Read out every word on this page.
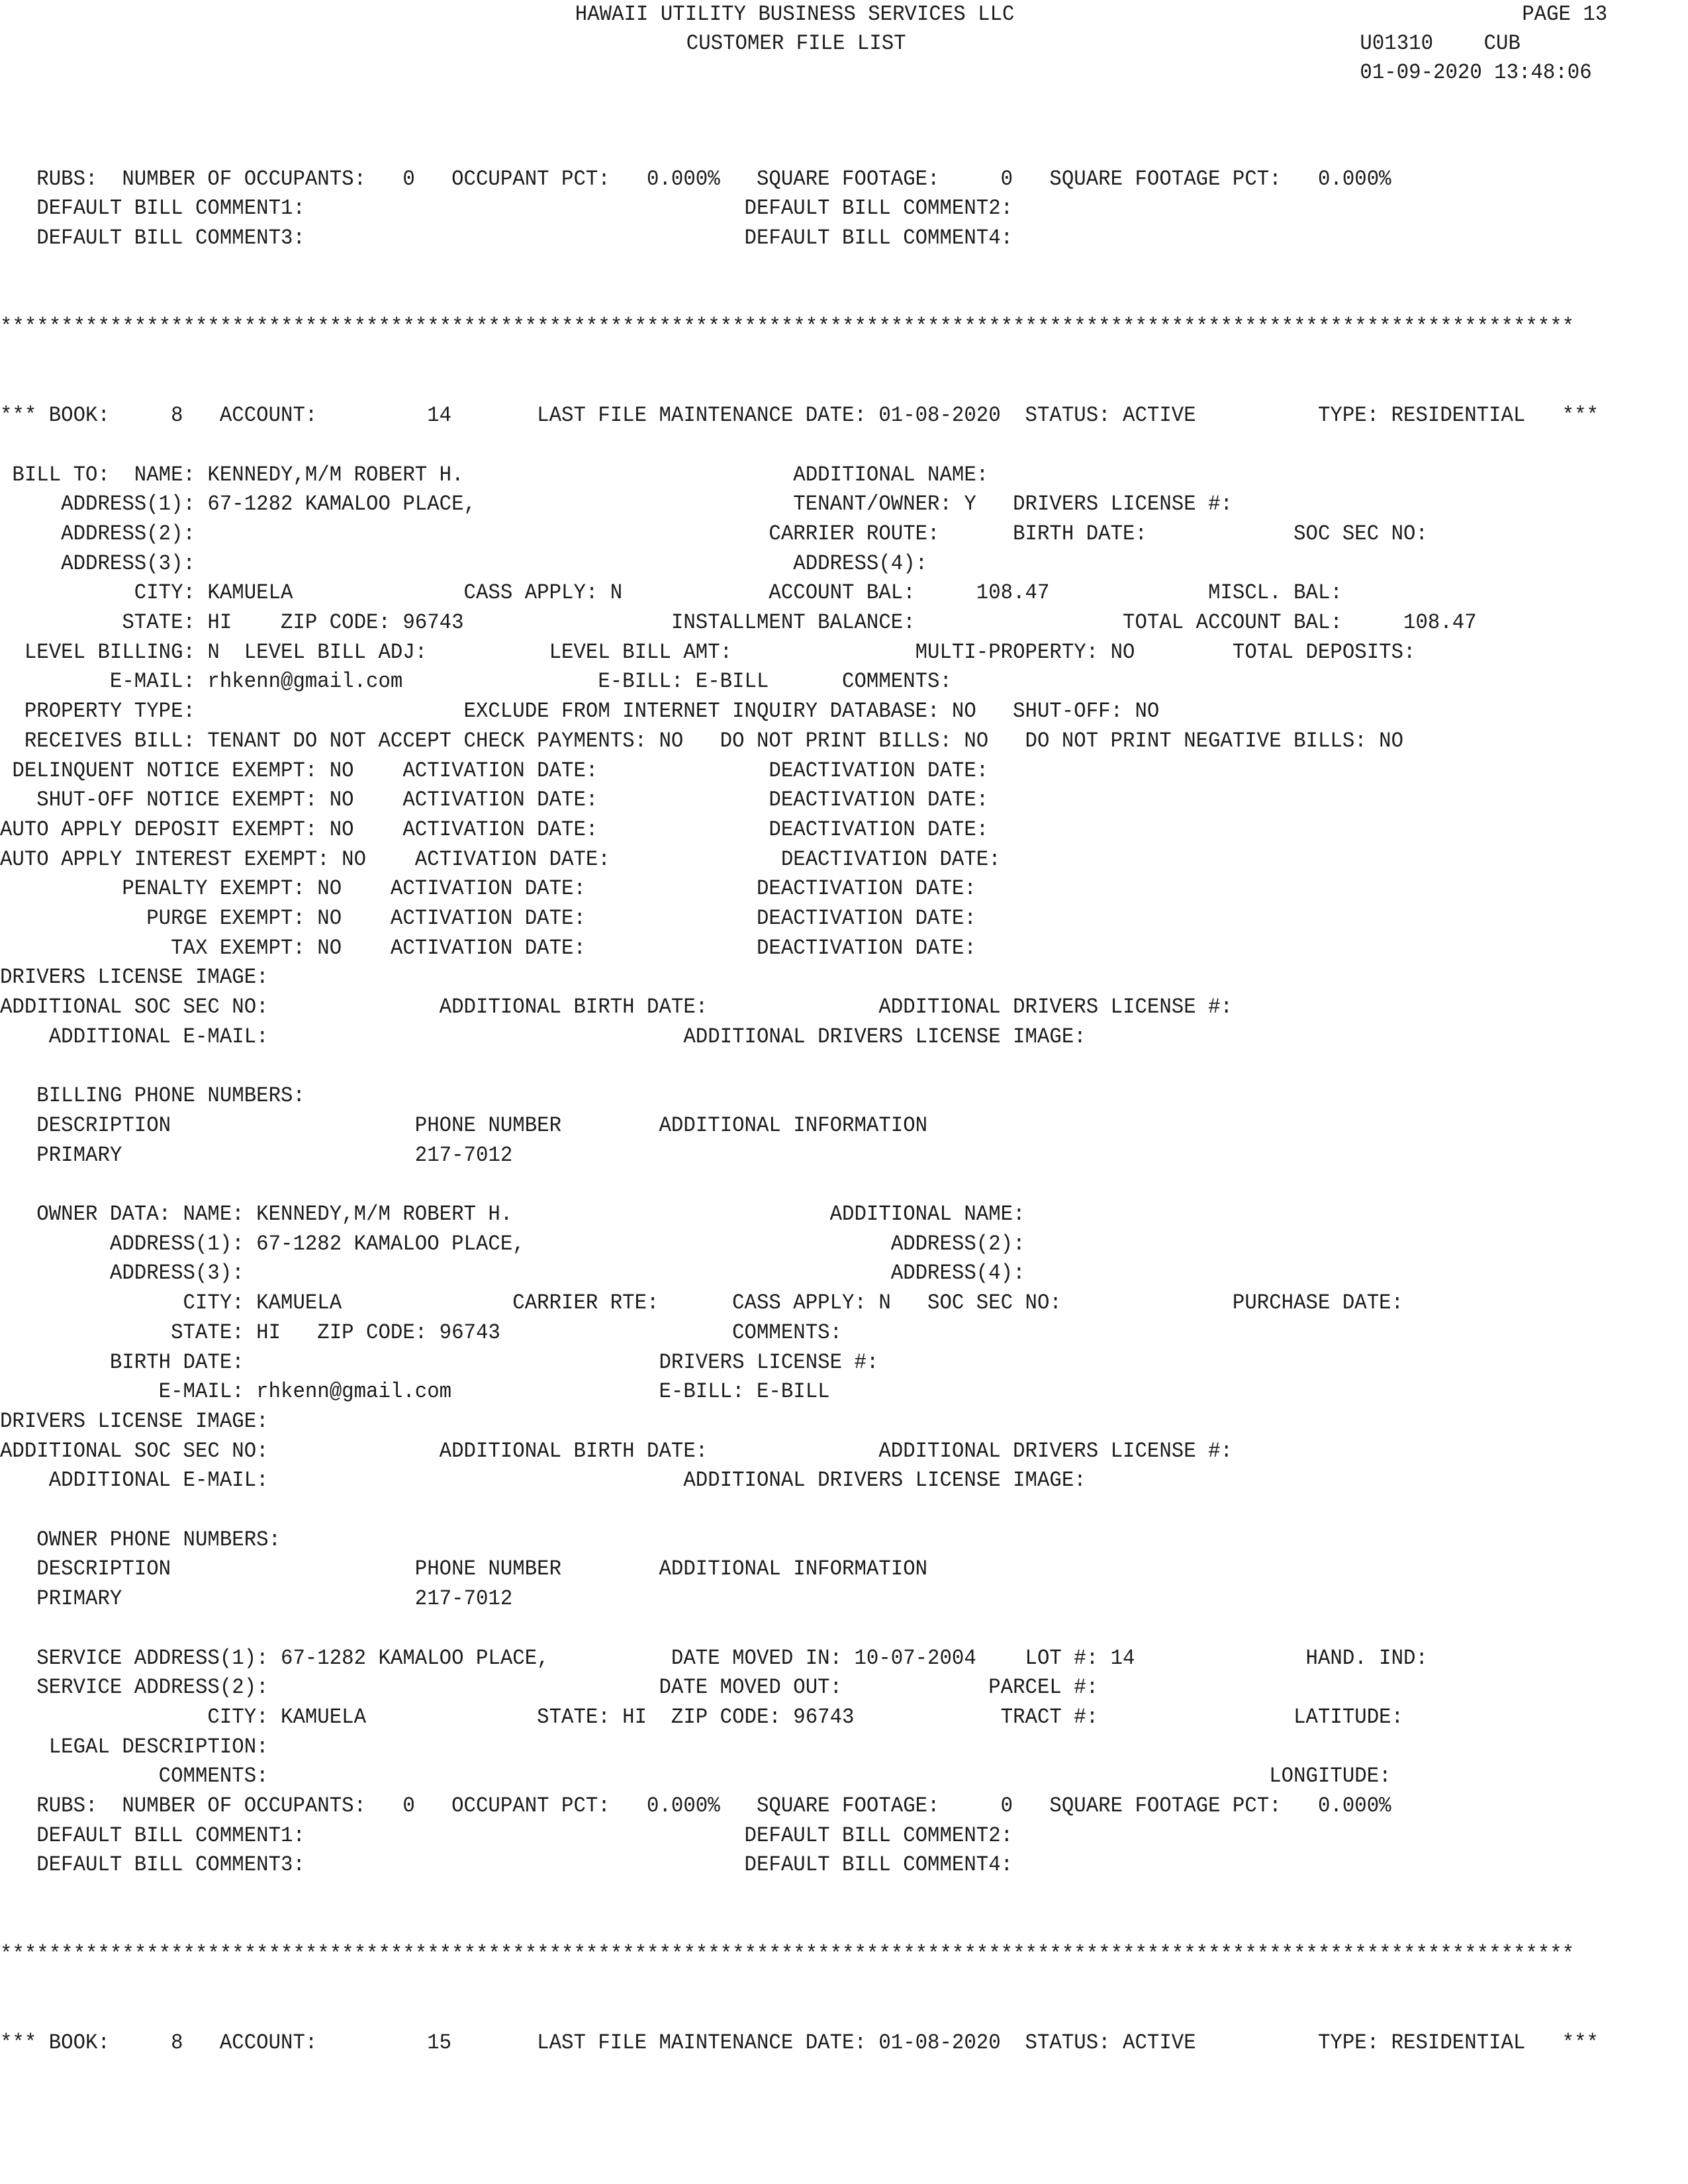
HAWAII UTILITY BUSINESS SERVICES LLC	PAGE 13
CUSTOMER FILE LIST	U01310 CUB
01-09-2020 13:48:06
RUBS:  NUMBER OF OCCUPANTS:   0   OCCUPANT PCT:   0.000%   SQUARE FOOTAGE:     0   SQUARE FOOTAGE PCT:   0.000%
DEFAULT BILL COMMENT1:                                    DEFAULT BILL COMMENT2:
DEFAULT BILL COMMENT3:                                    DEFAULT BILL COMMENT4:
*********************************************************************************************************************************
*** BOOK:     8   ACCOUNT:         14       LAST FILE MAINTENANCE DATE: 01-08-2020  STATUS: ACTIVE          TYPE: RESIDENTIAL   ***
BILL TO:  NAME: KENNEDY,M/M ROBERT H.                           ADDITIONAL NAME:
ADDRESS(1): 67-1282 KAMALOO PLACE,                          TENANT/OWNER: Y   DRIVERS LICENSE #:
ADDRESS(2):                                               CARRIER ROUTE:      BIRTH DATE:            SOC SEC NO:
ADDRESS(3):                                                 ADDRESS(4):
CITY: KAMUELA              CASS APPLY: N            ACCOUNT BAL:     108.47             MISCL. BAL:
STATE: HI    ZIP CODE: 96743                 INSTALLMENT BALANCE:                 TOTAL ACCOUNT BAL:     108.47
LEVEL BILLING: N  LEVEL BILL ADJ:          LEVEL BILL AMT:               MULTI-PROPERTY: NO        TOTAL DEPOSITS:
E-MAIL: rhkenn@gmail.com                E-BILL: E-BILL      COMMENTS:
PROPERTY TYPE:                      EXCLUDE FROM INTERNET INQUIRY DATABASE: NO   SHUT-OFF: NO
RECEIVES BILL: TENANT DO NOT ACCEPT CHECK PAYMENTS: NO   DO NOT PRINT BILLS: NO   DO NOT PRINT NEGATIVE BILLS: NO
DELINQUENT NOTICE EXEMPT: NO    ACTIVATION DATE:              DEACTIVATION DATE:
SHUT-OFF NOTICE EXEMPT: NO    ACTIVATION DATE:              DEACTIVATION DATE:
AUTO APPLY DEPOSIT EXEMPT: NO    ACTIVATION DATE:              DEACTIVATION DATE:
AUTO APPLY INTEREST EXEMPT: NO    ACTIVATION DATE:              DEACTIVATION DATE:
PENALTY EXEMPT: NO    ACTIVATION DATE:              DEACTIVATION DATE:
PURGE EXEMPT: NO    ACTIVATION DATE:              DEACTIVATION DATE:
TAX EXEMPT: NO    ACTIVATION DATE:              DEACTIVATION DATE:
DRIVERS LICENSE IMAGE:
ADDITIONAL SOC SEC NO:              ADDITIONAL BIRTH DATE:              ADDITIONAL DRIVERS LICENSE #:
ADDITIONAL E-MAIL:                                  ADDITIONAL DRIVERS LICENSE IMAGE:
BILLING PHONE NUMBERS:
DESCRIPTION                    PHONE NUMBER        ADDITIONAL INFORMATION
PRIMARY                        217-7012
OWNER DATA: NAME: KENNEDY,M/M ROBERT H.                          ADDITIONAL NAME:
ADDRESS(1): 67-1282 KAMALOO PLACE,                              ADDRESS(2):
ADDRESS(3):                                                     ADDRESS(4):
CITY: KAMUELA              CARRIER RTE:      CASS APPLY: N   SOC SEC NO:              PURCHASE DATE:
STATE: HI   ZIP CODE: 96743                   COMMENTS:
BIRTH DATE:                                  DRIVERS LICENSE #:
E-MAIL: rhkenn@gmail.com                 E-BILL: E-BILL
DRIVERS LICENSE IMAGE:
ADDITIONAL SOC SEC NO:              ADDITIONAL BIRTH DATE:              ADDITIONAL DRIVERS LICENSE #:
ADDITIONAL E-MAIL:                                  ADDITIONAL DRIVERS LICENSE IMAGE:
OWNER PHONE NUMBERS:
DESCRIPTION                    PHONE NUMBER        ADDITIONAL INFORMATION
PRIMARY                        217-7012
SERVICE ADDRESS(1): 67-1282 KAMALOO PLACE,          DATE MOVED IN: 10-07-2004    LOT #: 14              HAND. IND:
SERVICE ADDRESS(2):                                DATE MOVED OUT:            PARCEL #:
CITY: KAMUELA              STATE: HI  ZIP CODE: 96743            TRACT #:                LATITUDE:
LEGAL DESCRIPTION:
COMMENTS:                                                                                  LONGITUDE:
RUBS:  NUMBER OF OCCUPANTS:   0   OCCUPANT PCT:   0.000%   SQUARE FOOTAGE:     0   SQUARE FOOTAGE PCT:   0.000%
DEFAULT BILL COMMENT1:                                    DEFAULT BILL COMMENT2:
DEFAULT BILL COMMENT3:                                    DEFAULT BILL COMMENT4:
*********************************************************************************************************************************
*** BOOK:     8   ACCOUNT:         15       LAST FILE MAINTENANCE DATE: 01-08-2020  STATUS: ACTIVE          TYPE: RESIDENTIAL   ***
